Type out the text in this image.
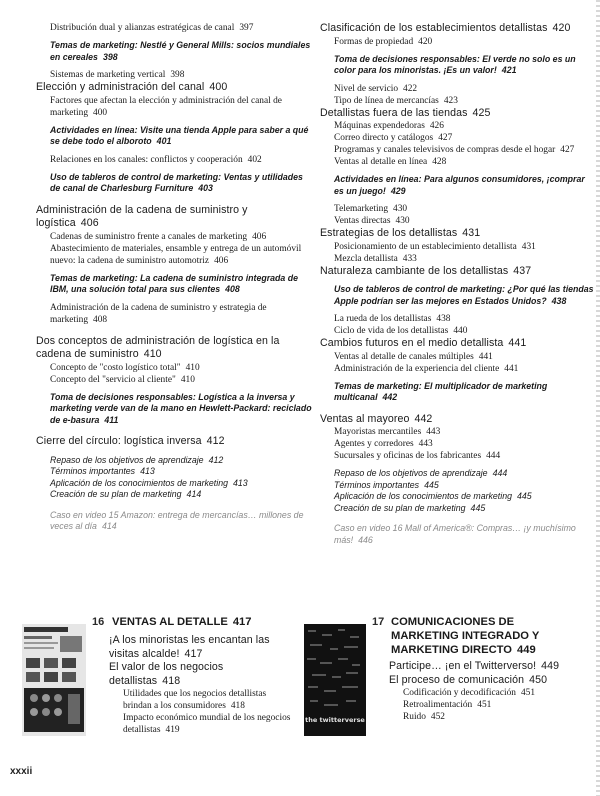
Distribución dual y alianzas estratégicas de canal 397
Temas de marketing: Nestlé y General Mills: socios mundiales en cereales 398
Sistemas de marketing vertical 398
Elección y administración del canal 400
Factores que afectan la elección y administración del canal de marketing 400
Actividades en línea: Visite una tienda Apple para saber a qué se debe todo el alboroto 401
Relaciones en los canales: conflictos y cooperación 402
Uso de tableros de control de marketing: Ventas y utilidades de canal de Charlesburg Furniture 403
Administración de la cadena de suministro y logística 406
Cadenas de suministro frente a canales de marketing 406
Abastecimiento de materiales, ensamble y entrega de un automóvil nuevo: la cadena de suministro automotriz 406
Temas de marketing: La cadena de suministro integrada de IBM, una solución total para sus clientes 408
Administración de la cadena de suministro y estrategia de marketing 408
Dos conceptos de administración de logística en la cadena de suministro 410
Concepto de "costo logístico total" 410
Concepto del "servicio al cliente" 410
Toma de decisiones responsables: Logística a la inversa y marketing verde van de la mano en Hewlett-Packard: reciclado de e-basura 411
Cierre del círculo: logística inversa 412
Repaso de los objetivos de aprendizaje 412
Términos importantes 413
Aplicación de los conocimientos de marketing 413
Creación de su plan de marketing 414
Caso en video 15 Amazon: entrega de mercancías… millones de veces al día 414
Clasificación de los establecimientos detallistas 420
Formas de propiedad 420
Toma de decisiones responsables: El verde no solo es un color para los minoristas. ¡Es un valor! 421
Nivel de servicio 422
Tipo de línea de mercancías 423
Detallistas fuera de las tiendas 425
Máquinas expendedoras 426
Correo directo y catálogos 427
Programas y canales televisivos de compras desde el hogar 427
Ventas al detalle en línea 428
Actividades en línea: Para algunos consumidores, ¡comprar es un juego! 429
Telemarketing 430
Ventas directas 430
Estrategias de los detallistas 431
Posicionamiento de un establecimiento detallista 431
Mezcla detallista 433
Naturaleza cambiante de los detallistas 437
Uso de tableros de control de marketing: ¿Por qué las tiendas Apple podrían ser las mejores en Estados Unidos? 438
La rueda de los detallistas 438
Ciclo de vida de los detallistas 440
Cambios futuros en el medio detallista 441
Ventas al detalle de canales múltiples 441
Administración de la experiencia del cliente 441
Temas de marketing: El multiplicador de marketing multicanal 442
Ventas al mayoreo 442
Mayoristas mercantiles 443
Agentes y corredores 443
Sucursales y oficinas de los fabricantes 444
Repaso de los objetivos de aprendizaje 444
Términos importantes 445
Aplicación de los conocimientos de marketing 445
Creación de su plan de marketing 445
Caso en video 16 Mall of America®: Compras… ¡y muchísimo más! 446
16 VENTAS AL DETALLE 417
¡A los minoristas les encantan las visitas alcalde! 417
El valor de los negocios detallistas 418
Utilidades que los negocios detallistas brindan a los consumidores 418
Impacto económico mundial de los negocios detallistas 419
the twitterverse
17 COMUNICACIONES DE MARKETING INTEGRADO Y MARKETING DIRECTO 449
Participe… ¡en el Twitterverso! 449
El proceso de comunicación 450
Codificación y decodificación 451
Retroalimentación 451
Ruido 452
xxxii
